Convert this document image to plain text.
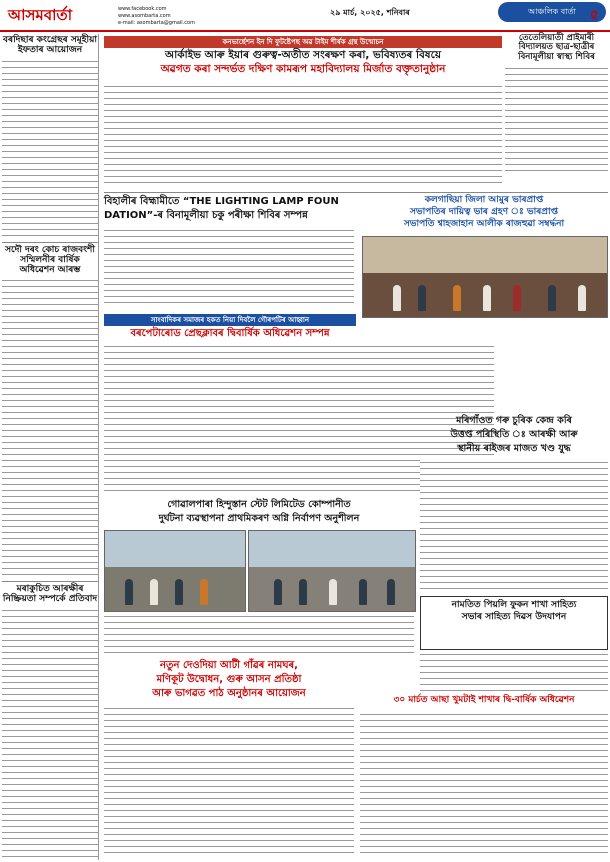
আসমবাৰ্তা	www.facebook.com
www.asombarta.com
e-mail: asombarta@gmail.com
২৯ মাৰ্চ, ২০২৫, শনিবাৰ	আঞ্চলিক বাৰ্তা	৫
বৰদিছাৰ কংগ্ৰেছৰ সমূহীয়া ইফতাৰ আয়োজন
সদৌ দৰং কোচ ৰাজবংশী সম্মিলনীৰ বাৰ্ষিক অধিৱেশন আৰম্ভ
মৰাকুচিত আৰক্ষীৰ নিষ্ক্ৰিয়তা সম্পৰ্কে প্ৰতিবাদ
কনভাৰ্ছেশন ইন দি ফুটষ্টেপছ অৱ টাইম শীৰ্ষক গ্ৰন্থ উন্মোচন
আৰ্কাইভ আৰু ইয়াৰ গুৰুত্ব-অতীত সংৰক্ষণ কৰা, ভবিষ্যতৰ বিষয়ে
অৱগত কৰা সন্দৰ্ভত দক্ষিণ কামৰূপ মহাবিদ্যালয় মিৰ্জাত বক্তৃতানুষ্ঠান
তেতেলিয়াতী প্ৰাইমাৰী বিদ্যালয়ত ছাত্ৰ-ছাত্ৰীৰ বিনামূলীয়া স্বাস্থ্য শিবিৰ
বিহালীৰ বিহ্মামীতে “THE LIGHTING LAMP FOUN
DATION”-ৰ বিনামূলীয়া চকু পৰীক্ষা শিবিৰ সম্পন্ন
কলগাছিয়া জিলা আমুৰ ভাৰপ্ৰাপ্ত
সভাপতিৰ দায়িত্ব ভাৰ গ্ৰহণ ঃ ভাৰপ্ৰাপ্ত
সভাপতি শ্বাহজাহান আলীক ৰাজহুৱা সম্বৰ্দ্ধনা
সাংবাদিকৰ সমাজৰ হকত নিয়া দিবলৈ গৌৰপটিৰ আহ্বান
বৰপেটাৰোড প্ৰেছক্লাবৰ দ্বিবাৰ্ষিক অধিৱেশন সম্পন্ন
মৰিগাঁওত গৰু চুৰিক কেন্দ্ৰ কৰি
উত্তপ্ত পৰিস্থিতি ঃ আৰক্ষী আৰু
স্থানীয় ৰাইজৰ মাজত খণ্ড যুদ্ধ
গোৱালপাৰা হিন্দুস্তান স্টেট লিমিটেড কোম্পানীত
দুৰ্ঘটনা ব্যৱস্থাপনা প্ৰাথমিকৰণ অগ্নি নিৰ্বাপণ অনুশীলন
নামতিত পিয়লি ফুকন শাখা সাহিত্য
সভাৰ সাহিত্য দিৱস উদযাপন
নতুন দেওদিয়া আটী গাঁৱৰ নামঘৰ,
মণিকূট উদ্বোধন, গুৰু আসন প্ৰতিষ্ঠা
আৰু ভাগৱত পাঠ অনুষ্ঠানৰ আয়োজন
৩০ মাৰ্চত আছা খুমটাই শাখাৰ দ্বি-বাৰ্ষিক অধিৱেশন
